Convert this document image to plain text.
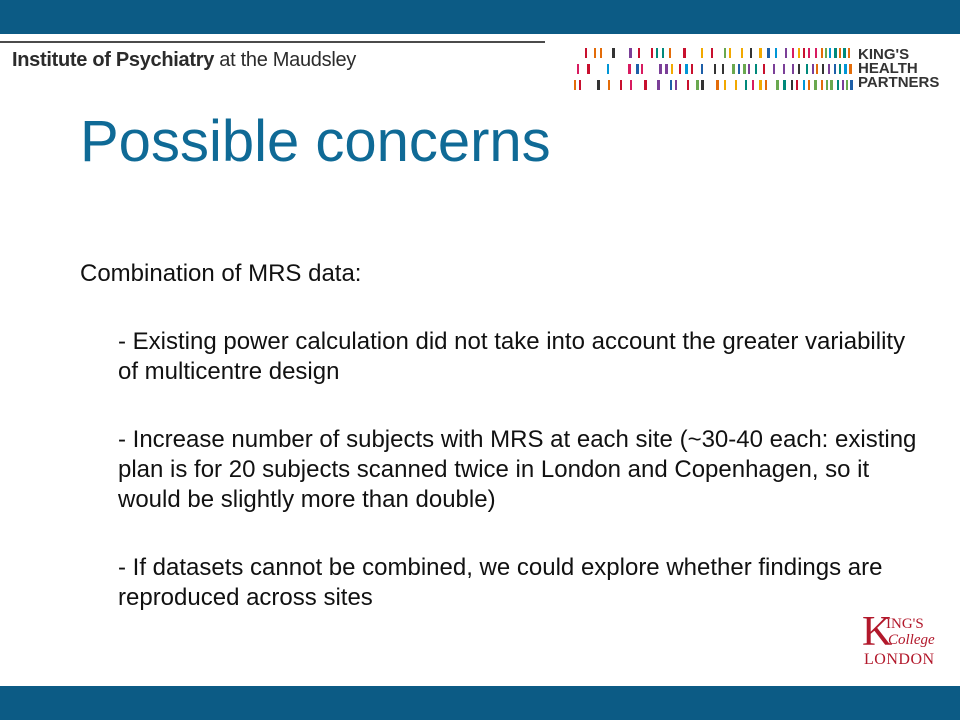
Institute of Psychiatry at the Maudsley	KING'S
HEALTH
PARTNERS
Possible concerns

Combination of MRS data:

- Existing power calculation did not take into account the greater variability of multicentre design

- Increase number of subjects with MRS at each site (~30-40 each: existing plan is for 20 subjects scanned twice in London and Copenhagen, so it would be slightly more than double)

- If datasets cannot be combined, we could explore whether findings are reproduced across sites

K
ING'S
College
LONDON
